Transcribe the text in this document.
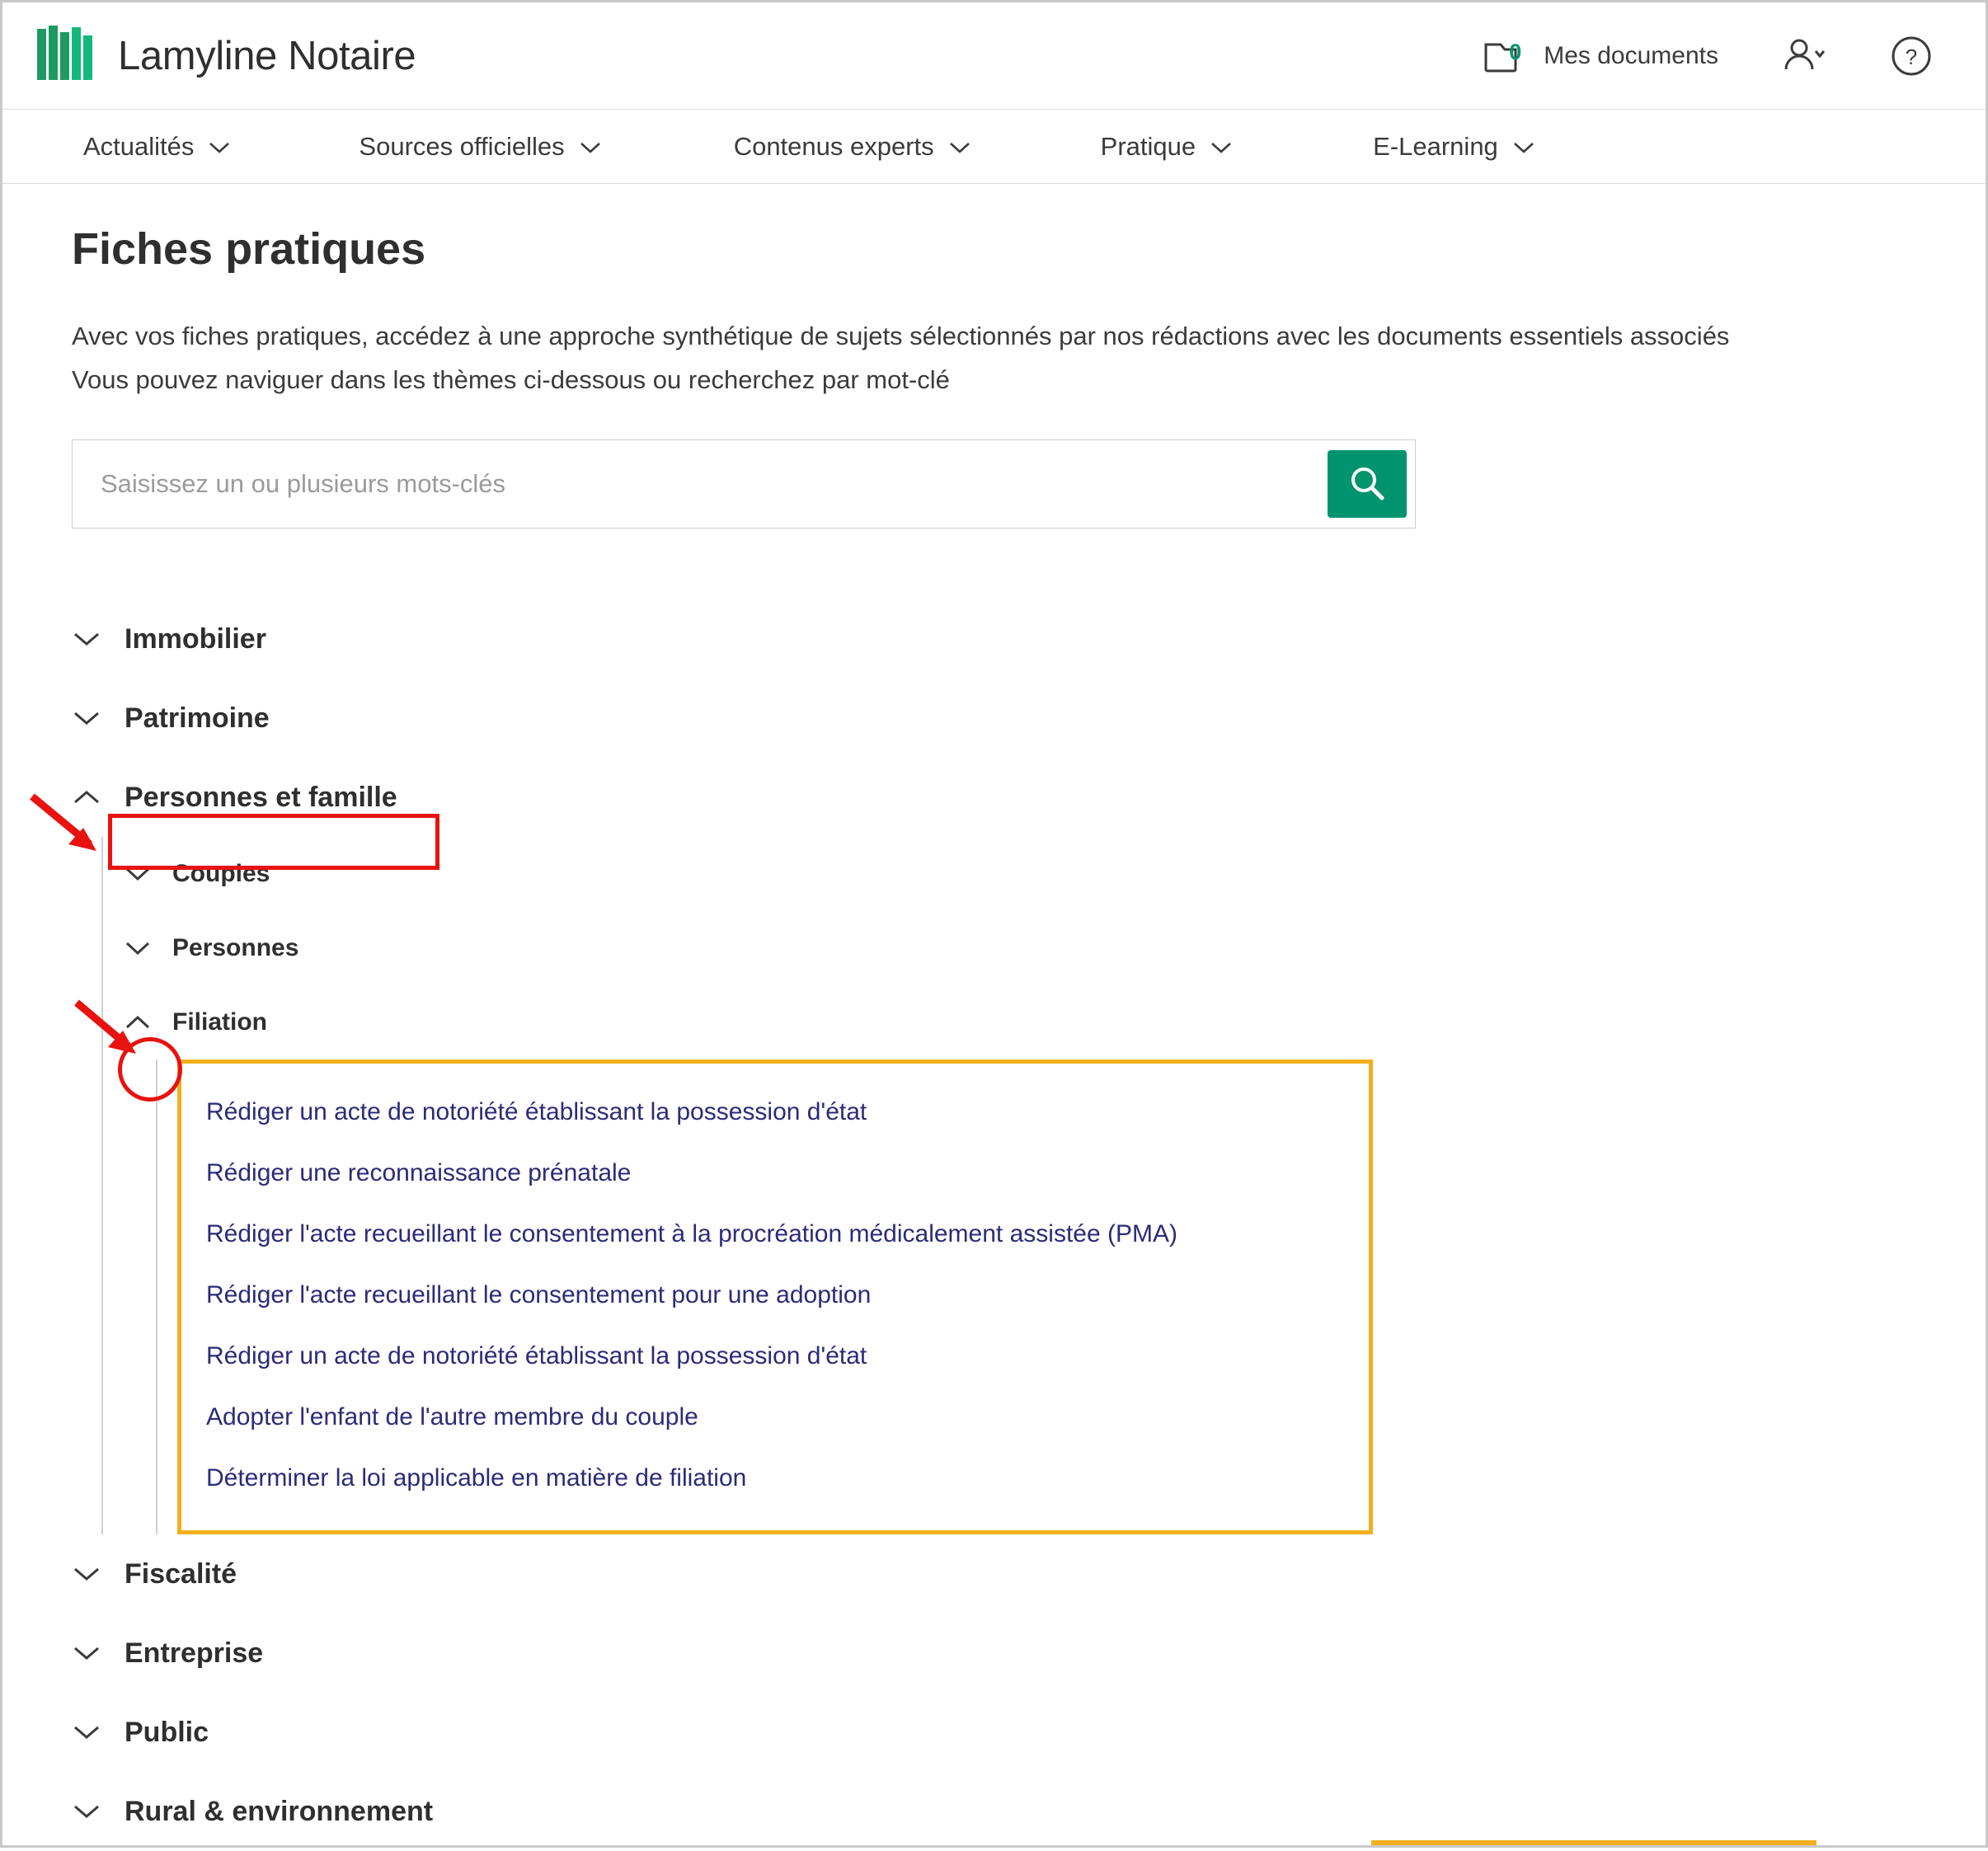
Lamyline Notaire	0 Mes documents	?
Actualités	Sources officielles	Contenus experts	Pratique	E-Learning
Fiches pratiques
Avec vos fiches pratiques, accédez à une approche synthétique de sujets sélectionnés par nos rédactions avec les documents essentiels associés
Vous pouvez naviguer dans les thèmes ci-dessous ou recherchez par mot-clé
Saisissez un ou plusieurs mots-clés
Immobilier
Patrimoine
Personnes et famille
Couples
Personnes
Filiation
Rédiger un acte de notoriété établissant la possession d'état
Rédiger une reconnaissance prénatale
Rédiger l'acte recueillant le consentement à la procréation médicalement assistée (PMA)
Rédiger l'acte recueillant le consentement pour une adoption
Rédiger un acte de notoriété établissant la possession d'état
Adopter l'enfant de l'autre membre du couple
Déterminer la loi applicable en matière de filiation
Fiscalité
Entreprise
Public
Rural & environnement
